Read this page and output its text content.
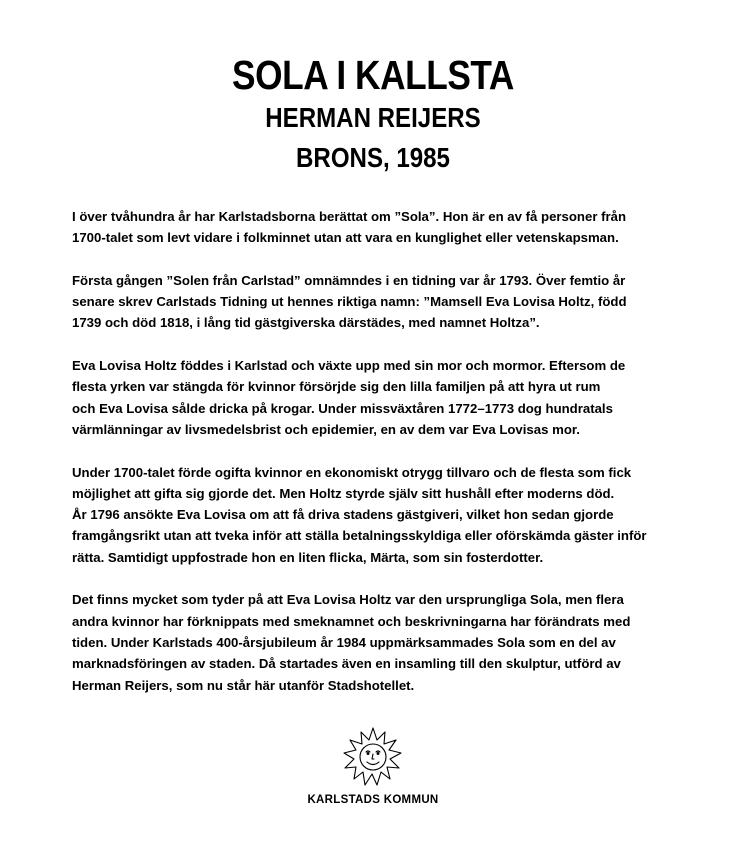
SOLA I KALLSTA
HERMAN REIJERS
BRONS, 1985

I över tvåhundra år har Karlstadsborna berättat om ”Sola”. Hon är en av få personer från
1700-talet som levt vidare i folkminnet utan att vara en kunglighet eller vetenskapsman.

Första gången ”Solen från Carlstad” omnämndes i en tidning var år 1793. Över femtio år
senare skrev Carlstads Tidning ut hennes riktiga namn: ”Mamsell Eva Lovisa Holtz, född
1739 och död 1818, i lång tid gästgiverska därstädes, med namnet Holtza”.

Eva Lovisa Holtz föddes i Karlstad och växte upp med sin mor och mormor. Eftersom de
flesta yrken var stängda för kvinnor försörjde sig den lilla familjen på att hyra ut rum
och Eva Lovisa sålde dricka på krogar. Under missväxtåren 1772–1773 dog hundratals
värmlänningar av livsmedelsbrist och epidemier, en av dem var Eva Lovisas mor.

Under 1700-talet förde ogifta kvinnor en ekonomiskt otrygg tillvaro och de flesta som fick
möjlighet att gifta sig gjorde det. Men Holtz styrde själv sitt hushåll efter moderns död.
År 1796 ansökte Eva Lovisa om att få driva stadens gästgiveri, vilket hon sedan gjorde
framgångsrikt utan att tveka inför att ställa betalningsskyldiga eller oförskämda gäster inför
rätta. Samtidigt uppfostrade hon en liten flicka, Märta, som sin fosterdotter.

Det finns mycket som tyder på att Eva Lovisa Holtz var den ursprungliga Sola, men flera
andra kvinnor har förknippats med smeknamnet och beskrivningarna har förändrats med
tiden. Under Karlstads 400-årsjubileum år 1984 uppmärksammades Sola som en del av
marknadsföringen av staden. Då startades även en insamling till den skulptur, utförd av
Herman Reijers, som nu står här utanför Stadshotellet.

KARLSTADS KOMMUN
